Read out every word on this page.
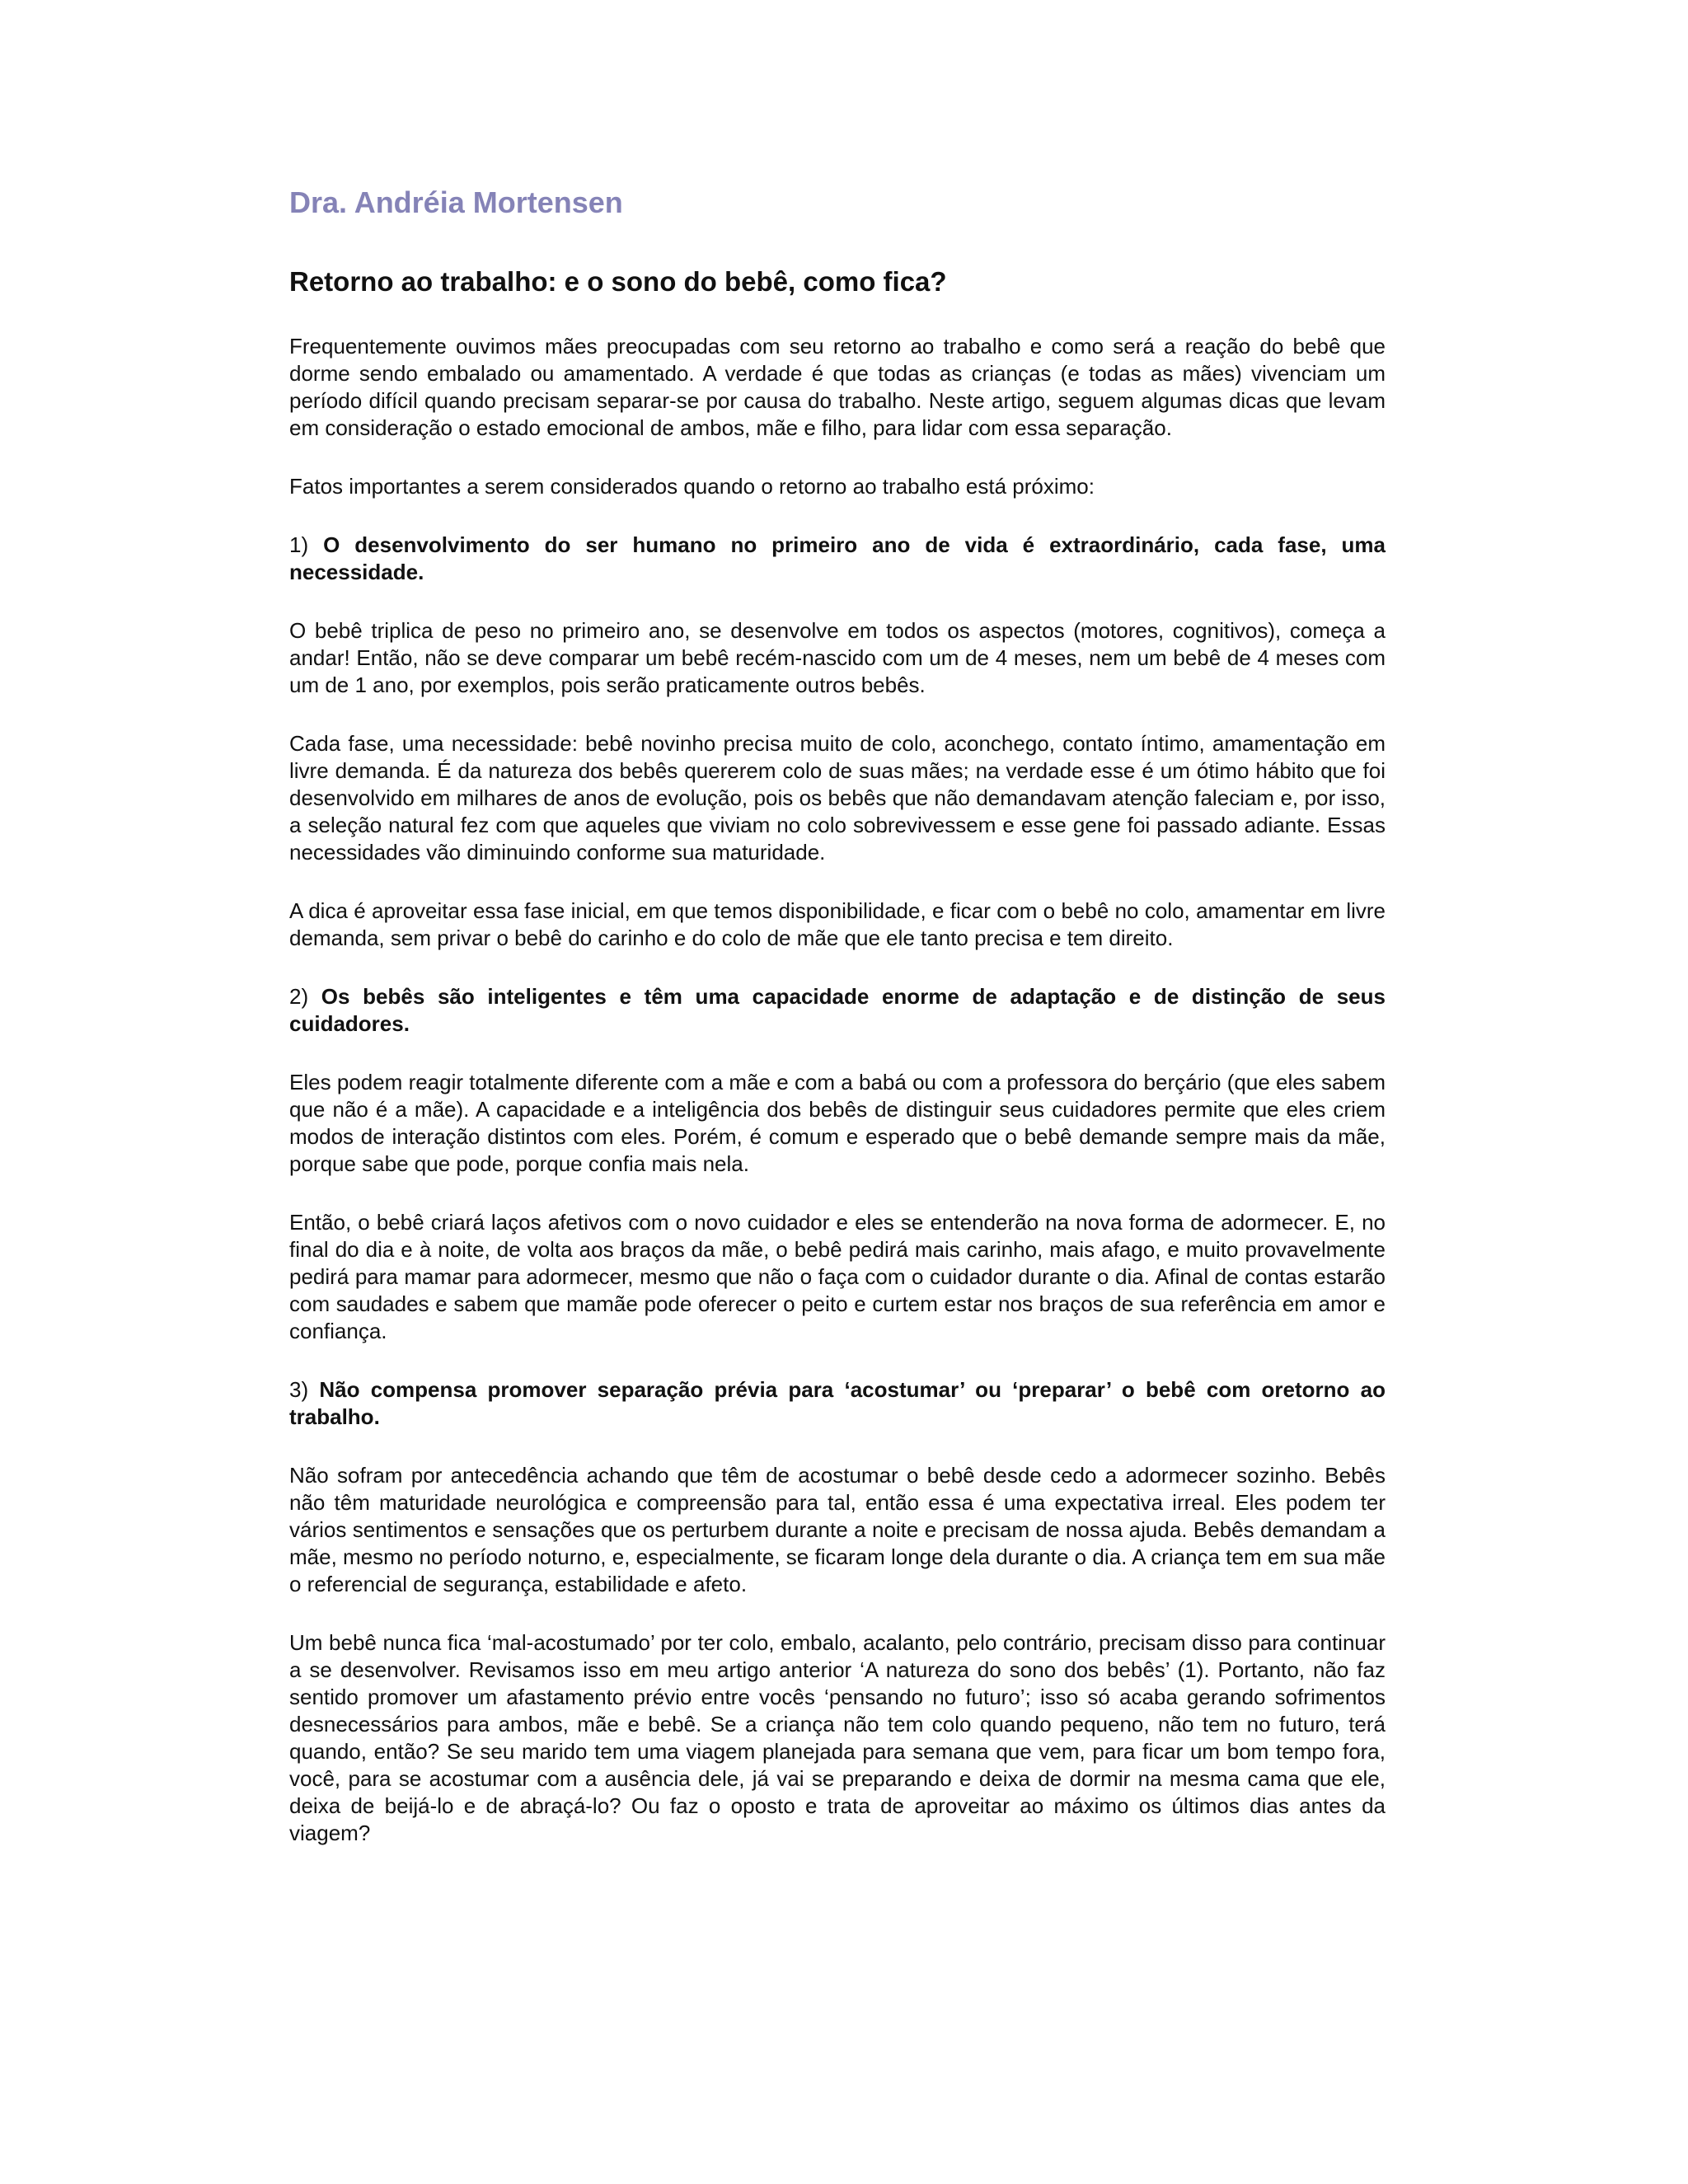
Dra. Andréia Mortensen
Retorno ao trabalho: e o sono do bebê, como fica?

Frequentemente ouvimos mães preocupadas com seu retorno ao trabalho e como será a reação do bebê que dorme sendo embalado ou amamentado. A verdade é que todas as crianças (e todas as mães) vivenciam um período difícil quando precisam separar-se por causa do trabalho. Neste artigo, seguem algumas dicas que levam em consideração o estado emocional de ambos, mãe e filho, para lidar com essa separação.

Fatos importantes a serem considerados quando o retorno ao trabalho está próximo:

1) O desenvolvimento do ser humano no primeiro ano de vida é extraordinário, cada fase, uma necessidade.

O bebê triplica de peso no primeiro ano, se desenvolve em todos os aspectos (motores, cognitivos), começa a andar! Então, não se deve comparar um bebê recém-nascido com um de 4 meses, nem um bebê de 4 meses com um de 1 ano, por exemplos, pois serão praticamente outros bebês.

Cada fase, uma necessidade: bebê novinho precisa muito de colo, aconchego, contato íntimo, amamentação em livre demanda. É da natureza dos bebês quererem colo de suas mães; na verdade esse é um ótimo hábito que foi desenvolvido em milhares de anos de evolução, pois os bebês que não demandavam atenção faleciam e, por isso, a seleção natural fez com que aqueles que viviam no colo sobrevivessem e esse gene foi passado adiante. Essas necessidades vão diminuindo conforme sua maturidade.

A dica é aproveitar essa fase inicial, em que temos disponibilidade, e ficar com o bebê no colo, amamentar em livre demanda, sem privar o bebê do carinho e do colo de mãe que ele tanto precisa e tem direito.

2) Os bebês são inteligentes e têm uma capacidade enorme de adaptação e de distinção de seus cuidadores.

Eles podem reagir totalmente diferente com a mãe e com a babá ou com a professora do berçário (que eles sabem que não é a mãe). A capacidade e a inteligência dos bebês de distinguir seus cuidadores permite que eles criem modos de interação distintos com eles. Porém, é comum e esperado que o bebê demande sempre mais da mãe, porque sabe que pode, porque confia mais nela.

Então, o bebê criará laços afetivos com o novo cuidador e eles se entenderão na nova forma de adormecer. E, no final do dia e à noite, de volta aos braços da mãe, o bebê pedirá mais carinho, mais afago, e muito provavelmente pedirá para mamar para adormecer, mesmo que não o faça com o cuidador durante o dia. Afinal de contas estarão com saudades e sabem que mamãe pode oferecer o peito e curtem estar nos braços de sua referência em amor e confiança.

3) Não compensa promover separação prévia para ‘acostumar’ ou ‘preparar’ o bebê com oretorno ao trabalho.

Não sofram por antecedência achando que têm de acostumar o bebê desde cedo a adormecer sozinho. Bebês não têm maturidade neurológica e compreensão para tal, então essa é uma expectativa irreal. Eles podem ter vários sentimentos e sensações que os perturbem durante a noite e precisam de nossa ajuda. Bebês demandam a mãe, mesmo no período noturno, e, especialmente, se ficaram longe dela durante o dia. A criança tem em sua mãe o referencial de segurança, estabilidade e afeto.

Um bebê nunca fica ‘mal-acostumado’ por ter colo, embalo, acalanto, pelo contrário, precisam disso para continuar a se desenvolver. Revisamos isso em meu artigo anterior ‘A natureza do sono dos bebês’ (1). Portanto, não faz sentido promover um afastamento prévio entre vocês ‘pensando no futuro’; isso só acaba gerando sofrimentos desnecessários para ambos, mãe e bebê. Se a criança não tem colo quando pequeno, não tem no futuro, terá quando, então? Se seu marido tem uma viagem planejada para semana que vem, para ficar um bom tempo fora, você, para se acostumar com a ausência dele, já vai se preparando e deixa de dormir na mesma cama que ele, deixa de beijá-lo e de abraçá-lo? Ou faz o oposto e trata de aproveitar ao máximo os últimos dias antes da viagem?
